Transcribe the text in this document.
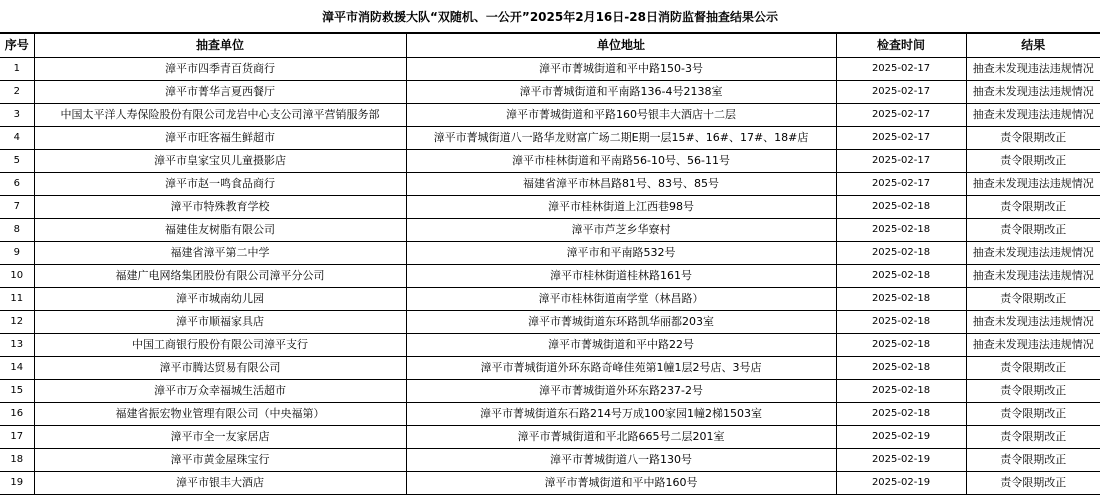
漳平市消防救援大队“双随机、一公开”2025年2月16日-28日消防监督抽查结果公示
序号	抽查单位	单位地址	检查时间	结果
1	漳平市四季青百货商行	漳平市菁城街道和平中路150-3号	2025-02-17	抽查未发现违法违规情况
2	漳平市菁华言夏西餐厅	漳平市菁城街道和平南路136-4号2138室	2025-02-17	抽查未发现违法违规情况
3	中国太平洋人寿保险股份有限公司龙岩中心支公司漳平营销服务部	漳平市菁城街道和平路160号银丰大酒店十二层	2025-02-17	抽查未发现违法违规情况
4	漳平市旺客福生鲜超市	漳平市菁城街道八一路华龙财富广场二期E期一层15#、16#、17#、18#店	2025-02-17	责令限期改正
5	漳平市皇家宝贝儿童摄影店	漳平市桂林街道和平南路56-10号、56-11号	2025-02-17	责令限期改正
6	漳平市赵一鸣食品商行	福建省漳平市林昌路81号、83号、85号	2025-02-17	抽查未发现违法违规情况
7	漳平市特殊教育学校	漳平市桂林街道上江西巷98号	2025-02-18	责令限期改正
8	福建佳友树脂有限公司	漳平市芦芝乡华寮村	2025-02-18	责令限期改正
9	福建省漳平第二中学	漳平市和平南路532号	2025-02-18	抽查未发现违法违规情况
10	福建广电网络集团股份有限公司漳平分公司	漳平市桂林街道桂林路161号	2025-02-18	抽查未发现违法违规情况
11	漳平市城南幼儿园	漳平市桂林街道南学堂（林昌路）	2025-02-18	责令限期改正
12	漳平市顺福家具店	漳平市菁城街道东环路凯华丽都203室	2025-02-18	抽查未发现违法违规情况
13	中国工商银行股份有限公司漳平支行	漳平市菁城街道和平中路22号	2025-02-18	抽查未发现违法违规情况
14	漳平市腾达贸易有限公司	漳平市菁城街道外环东路奇峰佳苑第1幢1层2号店、3号店	2025-02-18	责令限期改正
15	漳平市万众幸福城生活超市	漳平市菁城街道外环东路237-2号	2025-02-18	责令限期改正
16	福建省振宏物业管理有限公司（中央福第）	漳平市菁城街道东石路214号万成100家园1幢2梯1503室	2025-02-18	责令限期改正
17	漳平市全一友家居店	漳平市菁城街道和平北路665号二层201室	2025-02-19	责令限期改正
18	漳平市黄金屋珠宝行	漳平市菁城街道八一路130号	2025-02-19	责令限期改正
19	漳平市银丰大酒店	漳平市菁城街道和平中路160号	2025-02-19	责令限期改正
